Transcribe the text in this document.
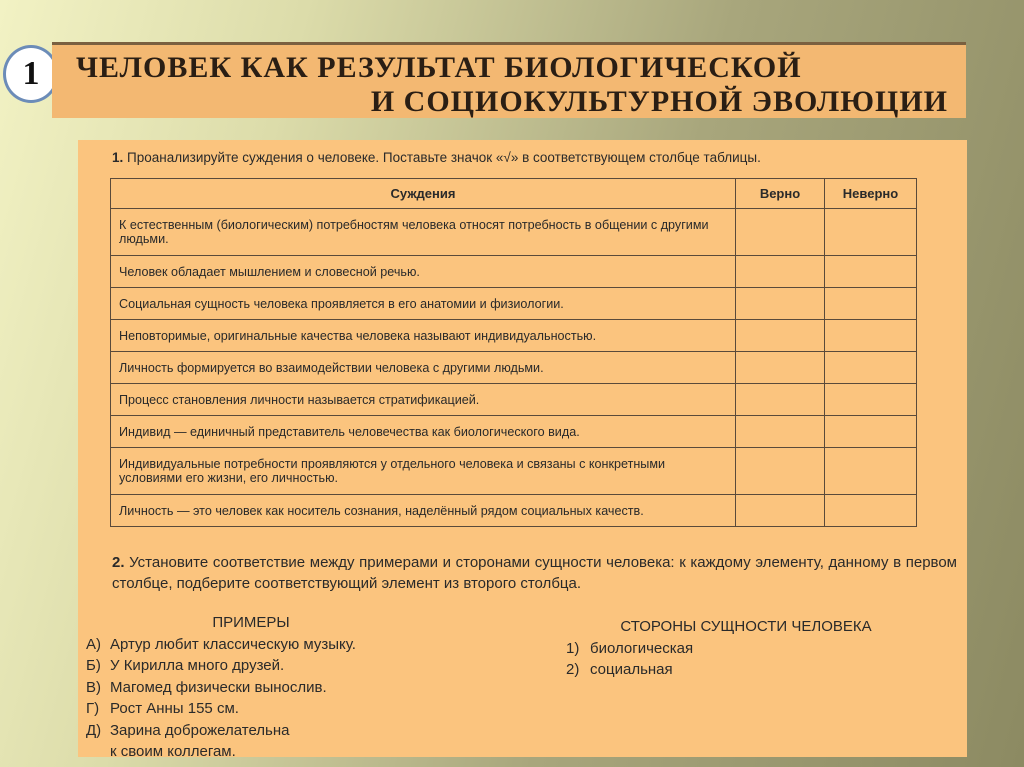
1	ЧЕЛОВЕК КАК РЕЗУЛЬТАТ БИОЛОГИЧЕСКОЙ
И СОЦИОКУЛЬТУРНОЙ ЭВОЛЮЦИИ
1. Проанализируйте суждения о человеке. Поставьте значок «√» в соответствующем столбце таблицы.
Суждения	Верно	Неверно
К естественным (биологическим) потребностям человека относят потребность в общении с другими людьми.		
Человек обладает мышлением и словесной речью.		
Социальная сущность человека проявляется в его анатомии и физиологии.		
Неповторимые, оригинальные качества человека называют индивидуальностью.		
Личность формируется во взаимодействии человека с другими людьми.		
Процесс становления личности называется стратификацией.		
Индивид — единичный представитель человечества как биологического вида.		
Индивидуальные потребности проявляются у отдельного человека и связаны с конкретными условиями его жизни, его личностью.		
Личность — это человек как носитель сознания, наделённый рядом социальных качеств.		
2. Установите соответствие между примерами и сторонами сущности человека: к каждому элементу, данному в первом столбце, подберите соответствующий элемент из второго столбца.
ПРИМЕРЫ
А) Артур любит классическую музыку.
Б) У Кирилла много друзей.
В) Магомед физически вынослив.
Г) Рост Анны 155 см.
Д) Зарина доброжелательна
к своим коллегам.
СТОРОНЫ СУЩНОСТИ ЧЕЛОВЕКА
1) биологическая
2) социальная
